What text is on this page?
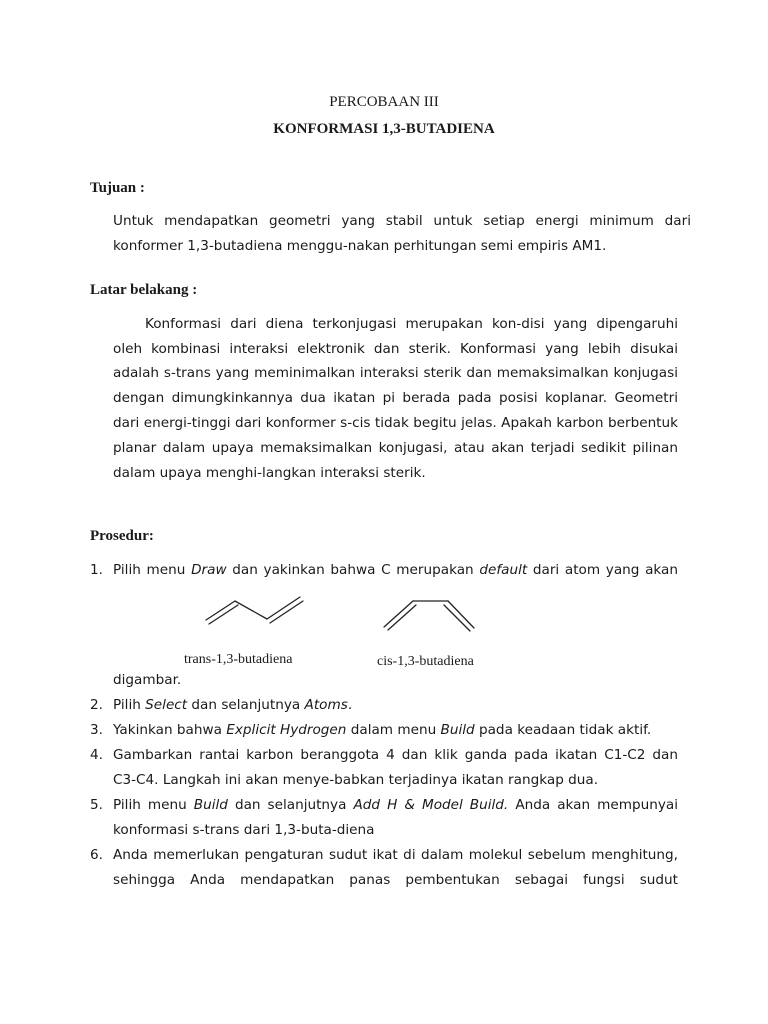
PERCOBAAN III
KONFORMASI 1,3-BUTADIENA
Tujuan :
Untuk mendapatkan geometri yang stabil untuk setiap energi minimum dari
konformer 1,3-butadiena menggu-nakan perhitungan semi empiris AM1.
Latar belakang :
Konformasi dari diena terkonjugasi merupakan kon-disi yang dipengaruhi
oleh kombinasi interaksi elektronik dan sterik. Konformasi yang lebih disukai
adalah s-trans yang meminimalkan interaksi sterik dan memaksimalkan konjugasi
dengan dimungkinkannya dua ikatan pi berada pada posisi koplanar. Geometri
dari energi-tinggi dari konformer s-cis tidak begitu jelas. Apakah karbon berbentuk
planar dalam upaya memaksimalkan konjugasi, atau akan terjadi sedikit pilinan
dalam upaya menghi-langkan interaksi sterik.
Prosedur:
1. Pilih menu Draw dan yakinkan bahwa C merupakan default dari atom yang akan
trans-1,3-butadiena	cis-1,3-butadiena
digambar.
2. Pilih Select dan selanjutnya Atoms.
3. Yakinkan bahwa Explicit Hydrogen dalam menu Build pada keadaan tidak aktif.
4. Gambarkan rantai karbon beranggota 4 dan klik ganda pada ikatan C1-C2 dan
C3-C4. Langkah ini akan menye-babkan terjadinya ikatan rangkap dua.
5. Pilih menu Build dan selanjutnya Add H & Model Build. Anda akan mempunyai
konformasi s-trans dari 1,3-buta-diena
6. Anda memerlukan pengaturan sudut ikat di dalam molekul sebelum menghitung,
sehingga Anda mendapatkan panas pembentukan sebagai fungsi sudut
